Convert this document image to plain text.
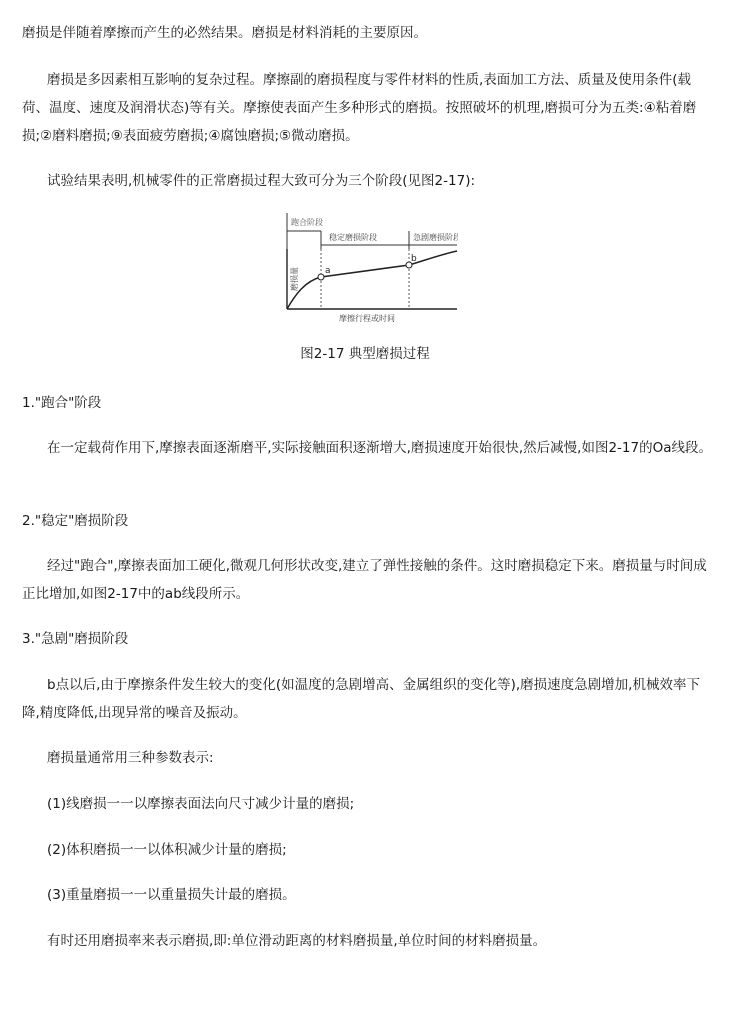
磨损是伴随着摩擦而产生的必然结果。磨损是材料消耗的主要原因。

磨损是多因素相互影响的复杂过程。摩擦副的磨损程度与零件材料的性质,表面加工方法、质量及使用条件(载荷、温度、速度及润滑状态)等有关。摩擦使表面产生多种形式的磨损。按照破坏的机理,磨损可分为五类:④粘着磨损;②磨料磨损;⑨表面疲劳磨损;④腐蚀磨损;⑤微动磨损。

试验结果表明,机械零件的正常磨损过程大致可分为三个阶段(见图2-17):

跑合阶段
稳定磨损阶段	急剧磨损阶段
磨损量	a
b
摩擦行程或时间
图2-17 典型磨损过程

1."跑合"阶段

在一定载荷作用下,摩擦表面逐渐磨平,实际接触面积逐渐增大,磨损速度开始很快,然后减慢,如图2-17的Oa线段。

2."稳定"磨损阶段

经过"跑合",摩擦表面加工硬化,微观几何形状改变,建立了弹性接触的条件。这时磨损稳定下来。磨损量与时间成正比增加,如图2-17中的ab线段所示。

3."急剧"磨损阶段

b点以后,由于摩擦条件发生较大的变化(如温度的急剧增高、金属组织的变化等),磨损速度急剧增加,机械效率下降,精度降低,出现异常的噪音及振动。

磨损量通常用三种参数表示:

(1)线磨损一一以摩擦表面法向尺寸减少计量的磨损;

(2)体积磨损一一以体积减少计量的磨损;

(3)重量磨损一一以重量损失计最的磨损。

有时还用磨损率来表示磨损,即:单位滑动距离的材料磨损量,单位时间的材料磨损量。
